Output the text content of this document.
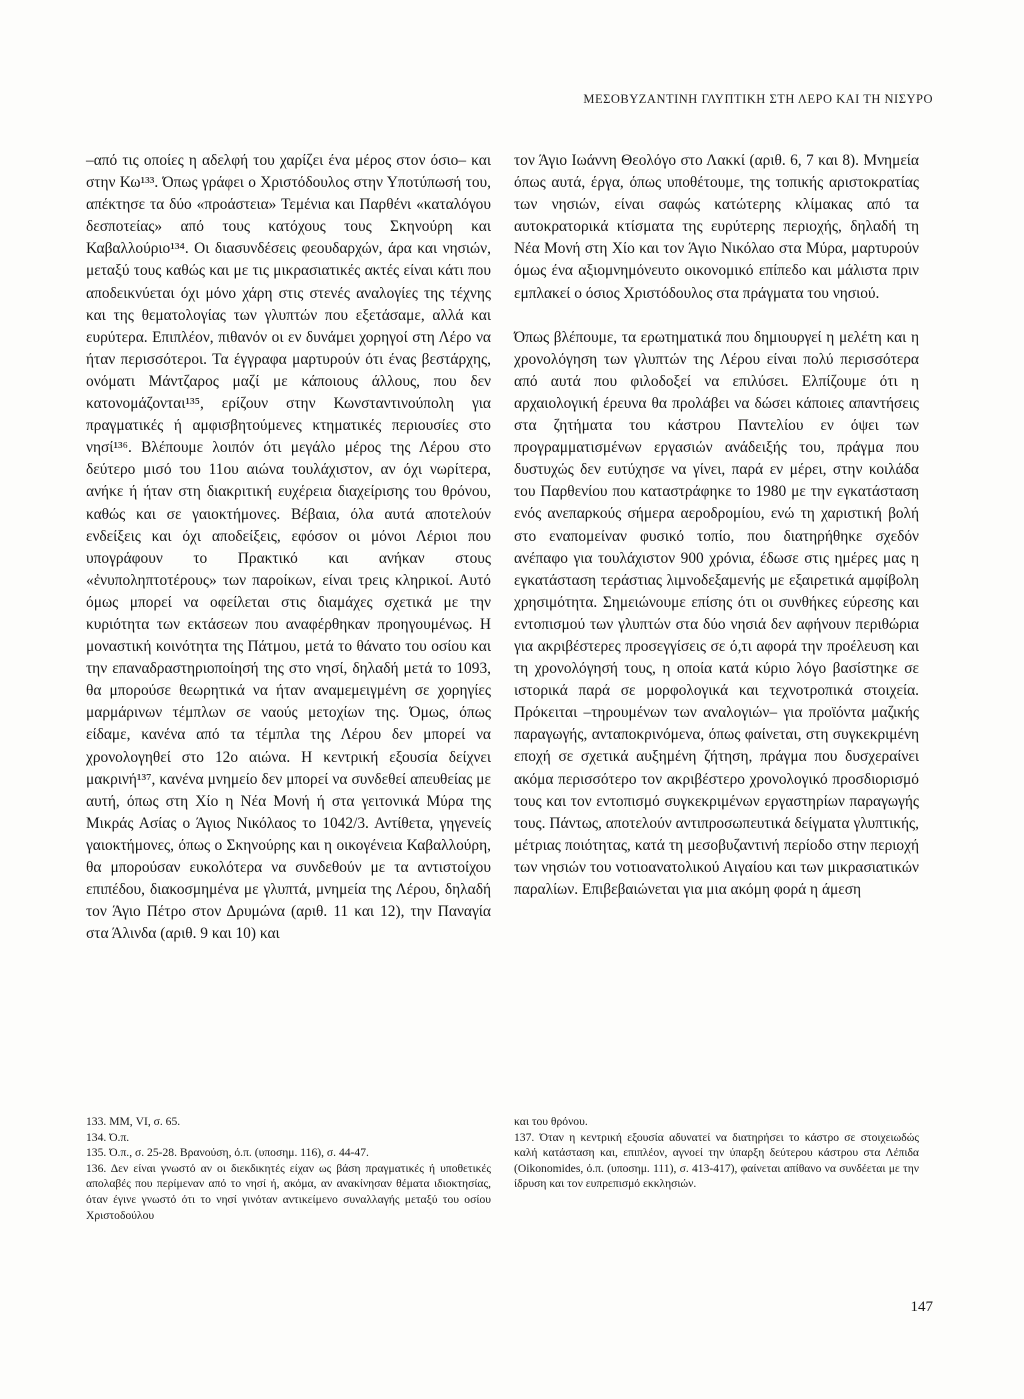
ΜΕΣΟΒΥΖΑΝΤΙΝΗ ΓΛΥΠΤΙΚΗ ΣΤΗ ΛΕΡΟ ΚΑΙ ΤΗ ΝΙΣΥΡΟ

–από τις οποίες η αδελφή του χαρίζει ένα μέρος στον όσιο– και στην Κω¹³³. Όπως γράφει ο Χριστόδουλος στην Υποτύπωσή του, απέκτησε τα δύο «προάστεια» Τεμένια και Παρθένι «καταλόγου δεσποτείας» από τους κατόχους τους Σκηνούρη και Καβαλλούριο¹³⁴. Οι διασυνδέσεις φεουδαρχών, άρα και νησιών, μεταξύ τους καθώς και με τις μικρασιατικές ακτές είναι κάτι που αποδεικνύεται όχι μόνο χάρη στις στενές αναλογίες της τέχνης και της θεματολογίας των γλυπτών που εξετάσαμε, αλλά και ευρύτερα. Επιπλέον, πιθανόν οι εν δυνάμει χορηγοί στη Λέρο να ήταν περισσότεροι. Τα έγγραφα μαρτυρούν ότι ένας βεστάρχης, ονόματι Μάντζαρος μαζί με κάποιους άλλους, που δεν κατονομάζονται¹³⁵, ερίζουν στην Κωνσταντινούπολη για πραγματικές ή αμφισβητούμενες κτηματικές περιουσίες στο νησί¹³⁶. Βλέπουμε λοιπόν ότι μεγάλο μέρος της Λέρου στο δεύτερο μισό του 11ου αιώνα τουλάχιστον, αν όχι νωρίτερα, ανήκε ή ήταν στη διακριτική ευχέρεια διαχείρισης του θρόνου, καθώς και σε γαιοκτήμονες. Βέβαια, όλα αυτά αποτελούν ενδείξεις και όχι αποδείξεις, εφόσον οι μόνοι Λέριοι που υπογράφουν το Πρακτικό και ανήκαν στους «ἐνυποληπτοτέρους» των παροίκων, είναι τρεις κληρικοί. Αυτό όμως μπορεί να οφείλεται στις διαμάχες σχετικά με την κυριότητα των εκτάσεων που αναφέρθηκαν προηγουμένως. Η μοναστική κοινότητα της Πάτμου, μετά το θάνατο του οσίου και την επαναδραστηριοποίησή της στο νησί, δηλαδή μετά το 1093, θα μπορούσε θεωρητικά να ήταν αναμεμειγμένη σε χορηγίες μαρμάρινων τέμπλων σε ναούς μετοχίων της. Όμως, όπως είδαμε, κανένα από τα τέμπλα της Λέρου δεν μπορεί να χρονολογηθεί στο 12ο αιώνα. Η κεντρική εξουσία δείχνει μακρινή¹³⁷, κανένα μνημείο δεν μπορεί να συνδεθεί απευθείας με αυτή, όπως στη Χίο η Νέα Μονή ή στα γειτονικά Μύρα της Μικράς Ασίας ο Άγιος Νικόλαος το 1042/3. Αντίθετα, γηγενείς γαιοκτήμονες, όπως ο Σκηνούρης και η οικογένεια Καβαλλούρη, θα μπορούσαν ευκολότερα να συνδεθούν με τα αντιστοίχου επιπέδου, διακοσμημένα με γλυπτά, μνημεία της Λέρου, δηλαδή τον Άγιο Πέτρο στον Δρυμώνα (αριθ. 11 και 12), την Παναγία στα Άλινδα (αριθ. 9 και 10) και

τον Άγιο Ιωάννη Θεολόγο στο Λακκί (αριθ. 6, 7 και 8). Μνημεία όπως αυτά, έργα, όπως υποθέτουμε, της τοπικής αριστοκρατίας των νησιών, είναι σαφώς κατώτερης κλίμακας από τα αυτοκρατορικά κτίσματα της ευρύτερης περιοχής, δηλαδή τη Νέα Μονή στη Χίο και τον Άγιο Νικόλαο στα Μύρα, μαρτυρούν όμως ένα αξιομνημόνευτο οικονομικό επίπεδο και μάλιστα πριν εμπλακεί ο όσιος Χριστόδουλος στα πράγματα του νησιού.

Όπως βλέπουμε, τα ερωτηματικά που δημιουργεί η μελέτη και η χρονολόγηση των γλυπτών της Λέρου είναι πολύ περισσότερα από αυτά που φιλοδοξεί να επιλύσει. Ελπίζουμε ότι η αρχαιολογική έρευνα θα προλάβει να δώσει κάποιες απαντήσεις στα ζητήματα του κάστρου Παντελίου εν όψει των προγραμματισμένων εργασιών ανάδειξής του, πράγμα που δυστυχώς δεν ευτύχησε να γίνει, παρά εν μέρει, στην κοιλάδα του Παρθενίου που καταστράφηκε το 1980 με την εγκατάσταση ενός ανεπαρκούς σήμερα αεροδρομίου, ενώ τη χαριστική βολή στο εναπομείναν φυσικό τοπίο, που διατηρήθηκε σχεδόν ανέπαφο για τουλάχιστον 900 χρόνια, έδωσε στις ημέρες μας η εγκατάσταση τεράστιας λιμνοδεξαμενής με εξαιρετικά αμφίβολη χρησιμότητα. Σημειώνουμε επίσης ότι οι συνθήκες εύρεσης και εντοπισμού των γλυπτών στα δύο νησιά δεν αφήνουν περιθώρια για ακριβέστερες προσεγγίσεις σε ό,τι αφορά την προέλευση και τη χρονολόγησή τους, η οποία κατά κύριο λόγο βασίστηκε σε ιστορικά παρά σε μορφολογικά και τεχνοτροπικά στοιχεία. Πρόκειται –τηρουμένων των αναλογιών– για προϊόντα μαζικής παραγωγής, ανταποκρινόμενα, όπως φαίνεται, στη συγκεκριμένη εποχή σε σχετικά αυξημένη ζήτηση, πράγμα που δυσχεραίνει ακόμα περισσότερο τον ακριβέστερο χρονολογικό προσδιορισμό τους και τον εντοπισμό συγκεκριμένων εργαστηρίων παραγωγής τους. Πάντως, αποτελούν αντιπροσωπευτικά δείγματα γλυπτικής, μέτριας ποιότητας, κατά τη μεσοβυζαντινή περίοδο στην περιοχή των νησιών του νοτιοανατολικού Αιγαίου και των μικρασιατικών παραλίων. Επιβεβαιώνεται για μια ακόμη φορά η άμεση

133. ΜΜ, VI, σ. 65.

134. Ό.π.

135. Ό.π., σ. 25-28. Βρανούση, ό.π. (υποσημ. 116), σ. 44-47.

136. Δεν είναι γνωστό αν οι διεκδικητές είχαν ως βάση πραγματικές ή υποθετικές απολαβές που περίμεναν από το νησί ή, ακόμα, αν ανακίνησαν θέματα ιδιοκτησίας, όταν έγινε γνωστό ότι το νησί γινόταν αντικείμενο συναλλαγής μεταξύ του οσίου Χριστοδούλου

και του θρόνου.

137. Όταν η κεντρική εξουσία αδυνατεί να διατηρήσει το κάστρο σε στοιχειωδώς καλή κατάσταση και, επιπλέον, αγνοεί την ύπαρξη δεύτερου κάστρου στα Λέπιδα (Oikonomides, ό.π. (υποσημ. 111), σ. 413-417), φαίνεται απίθανο να συνδέεται με την ίδρυση και τον ευπρεπισμό εκκλησιών.

147
